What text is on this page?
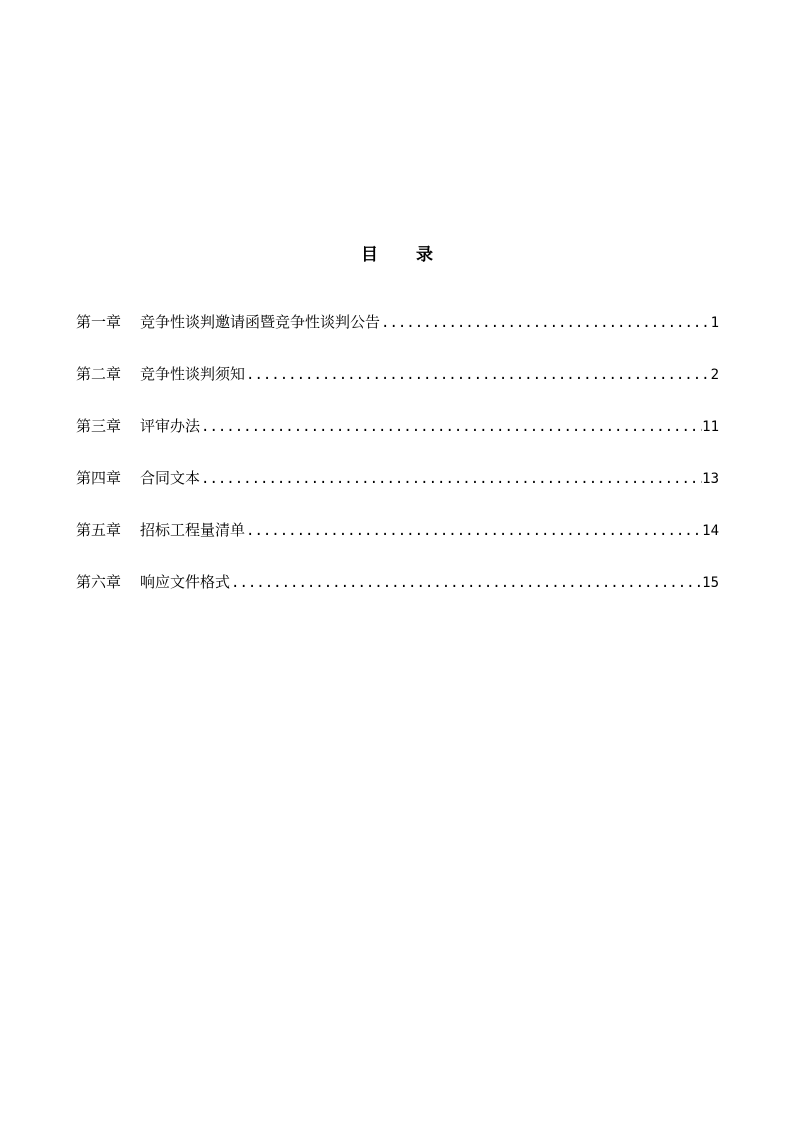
目 录
第一章	竞争性谈判邀请函暨竞争性谈判公告 .....	1
第二章	竞争性谈判须知 .....	2
第三章	评审办法 .....	11
第四章	合同文本 .....	13
第五章	招标工程量清单 .....	14
第六章	响应文件格式 .....	15
